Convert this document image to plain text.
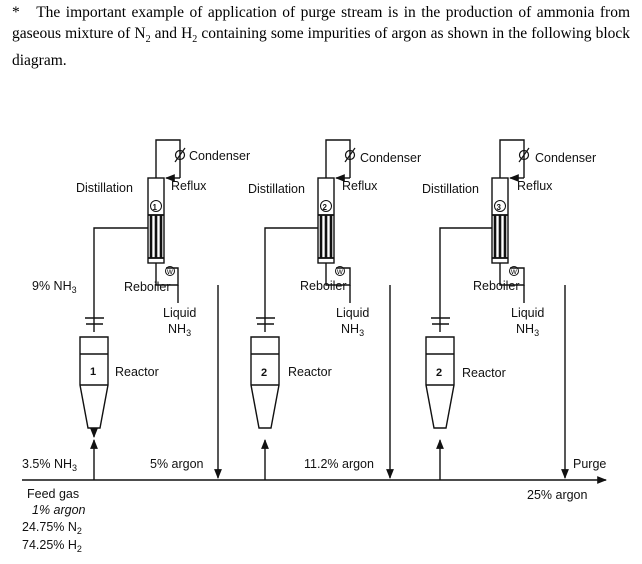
* The important example of application of purge stream is in the production of ammonia from gaseous mixture of $N_2$ and $H_2$ containing some impurities of argon as shown in the following block diagram.
Condenser
Reflux
Distillation
1
w
Reboiler
Liquid
$NH_3$
1 Reactor
Condenser
Reflux
Distillation
2
w
Reboiler
Liquid
$NH_3$
2 Reactor
Condenser
Reflux
Distillation
3
w
Reboiler
Liquid
$NH_3$
2 Reactor
9% $NH_3$
3.5% $NH_3$	5% argon	11.2% argon	Purge
25% argon
Feed gas
1% argon
24.75% $N_2$
74.25% $H_2$
